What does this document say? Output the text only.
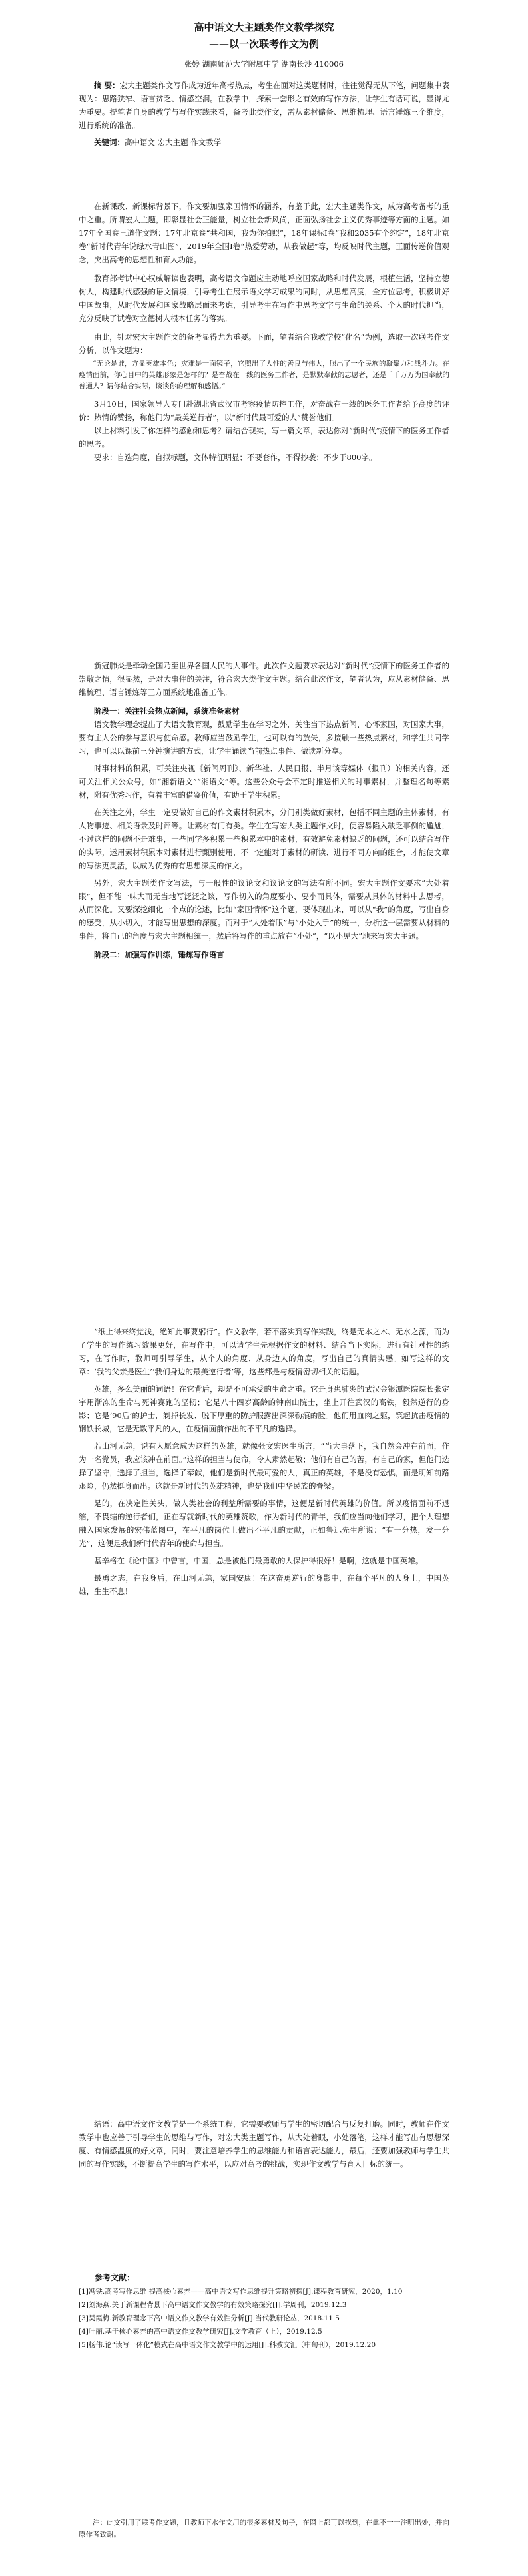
高中语文大主题类作文教学探究
——以一次联考作文为例
张婷 湖南师范大学附属中学 湖南长沙 410006

摘 要：宏大主题类作文写作成为近年高考热点，考生在面对这类题材时，往往觉得无从下笔，问题集中表现为：思路狭窄、语言贫乏、情感空洞。在教学中，探索一套形之有效的写作方法，让学生有话可说，显得尤为重要。提笔者自身的教学与写作实践来看，备考此类作文，需从素材储备、思维梳理、语言锤炼三个维度，进行系统的准备。

关键词：高中语文 宏大主题 作文教学

在新课改、新课标背景下，作文要加强家国情怀的涵养，有鉴于此，宏大主题类作文，成为高考备考的重中之重。所谓宏大主题，即彰显社会正能量，树立社会新风尚，正面弘扬社会主义优秀事迹等方面的主题。如17年全国卷三道作文题：17年北京卷“共和国，我为你拍照”，18年课标Ⅰ卷“我和2035有个约定”，18年北京卷“新时代青年说绿水青山图”，2019年全国Ⅰ卷“热爱劳动，从我做起”等，均反映时代主题，正面传递价值观念，突出高考的思想性和育人功能。

教育部考试中心权威解读也表明，高考语文命题应主动地呼应国家战略和时代发展，根植生活，坚持立德树人，构建时代感强的语文情境，引导考生在展示语文学习成果的同时，从思想高度，全方位思考，积极讲好中国故事，从时代发展和国家战略层面来考虑，引导考生在写作中思考文字与生命的关系、个人的时代担当，充分反映了试卷对立德树人根本任务的落实。

由此，针对宏大主题作文的备考显得尤为重要。下面，笔者结合我教学校“化名”为例，选取一次联考作文分析，以作文题为：

“无论是谁，方显英雄本色；灾难是一面镜子，它照出了人性的善良与伟大，照出了一个民族的凝聚力和战斗力。在疫情面前，你心目中的英雄形象是怎样的？是奋战在一线的医务工作者，是默默奉献的志愿者，还是千千万万为国奉献的普通人？请你结合实际，谈谈你的理解和感悟。”

3月10日，国家领导人专门赴湖北省武汉市考察疫情防控工作，对奋战在一线的医务工作者给予高度的评价：热情的赞扬，称他们为“最美逆行者”，以“新时代最可爱的人”赞誉他们。

以上材料引发了你怎样的感触和思考？请结合现实，写一篇文章，表达你对“新时代”疫情下的医务工作者的思考。

要求：自选角度，自拟标题，文体特征明显；不要套作，不得抄袭；不少于800字。

新冠肺炎是牵动全国乃至世界各国人民的大事件。此次作文题要求表达对“新时代”疫情下的医务工作者的崇敬之情，很显然，是对大事件的关注，符合宏大类作文主题。结合此次作文，笔者认为，应从素材储备、思维梳理、语言锤炼等三方面系统地准备工作。

阶段一：关注社会热点新闻，系统准备素材

语文教学理念提出了大语文教育观，鼓励学生在学习之外，关注当下热点新闻、心怀家国，对国家大事，要有主人公的参与意识与使命感。教师应当鼓励学生，也可以有的放矢，多接触一些热点素材，和学生共同学习，也可以以课前三分钟演讲的方式，让学生诵读当前热点事件、做读新分享。

时事材料的积累，可关注央视《新闻周刊》、新华社、人民日报、半月谈等媒体（报刊）的相关内容，还可关注相关公众号，如“湘新语文”“湘语文”等。这些公众号会不定时推送相关的时事素材，并整理名句等素材，附有优秀习作，有着丰富的借鉴价值，有助于学生积累。

在关注之外，学生一定要做好自己的作文素材积累本，分门别类做好素材，包括不同主题的主体素材，有人物事迹、相关语录及时评等。让素材有门有类。学生在写宏大类主题作文时，便容易陷入缺乏事例的尴尬，不过这样的问题不是难事，一些同学多积累一些积累本中的素材，有效避免素材缺乏的问题，还可以结合写作的实际，运用素材积累本对素材进行甄别使用，不一定能对于素材的研读、进行不同方向的组合，才能使文章的写法更灵活，以成为优秀的有思想深度的作文。

另外，宏大主题类作文写法，与一般性的议论文和议论文的写法有所不同。宏大主题作文要求“大处着眼”，但不能一味大而无当地写泛泛之谈，写作切入的角度要小、要小而具体，需要从具体的材料中去思考，从而深化。又要深挖细化一个点的论述，比如“家国情怀”这个题，要体现出来，可以从“我”的角度，写出自身的感受，从小切入，才能写出思想的深度。而对于“大处着眼”与“小处入手”的统一，分析这一层需要从材料的事件，将自己的角度与宏大主题相统一，然后将写作的重点放在“小处”，“以小见大”地来写宏大主题。

阶段二：加强写作训练，锤炼写作语言

“纸上得来终觉浅，绝知此事要躬行”。作文教学，若不落实到写作实践，终是无本之木、无水之源，而为了学生的写作练习效果更好，在写作中，可以请学生先根据作文的材料、结合当下实际，进行有针对性的练习，在写作时，教师可引导学生，从个人的角度、从身边人的角度，写出自己的真情实感。如写这样的文章：‘我的父亲是医生’‘我们身边的最美逆行者’等，这些都是与疫情密切相关的话题。

英雄，多么美丽的词语！在它背后，却是不可承受的生命之重。它是身患肺炎的武汉金银潭医院院长张定宇用渐冻的生命与死神赛跑的坚韧；它是八十四岁高龄的钟南山院士，坐上开往武汉的高铁，毅然逆行的身影；它是‘90后’的护士，剃掉长发、脱下厚重的防护服露出深深勒痕的脸。他们用血肉之躯，筑起抗击疫情的钢铁长城，它是无数平凡的人，在疫情面前作出的不平凡的选择。

若山河无恙，说有人愿意成为这样的英雄，就像张文宏医生所言，“当大事落下，我自然会冲在前面，作为一名党员，我应该冲在前面。”这样的担当与使命，令人肃然起敬；他们有自己的苦，有自己的家，但他们选择了坚守，选择了担当，选择了奉献，他们是新时代最可爱的人，真正的英雄，不是没有恐惧，而是明知前路艰险，仍然挺身而出。这就是新时代的英雄精神，也是我们中华民族的脊梁。

是的，在决定性关头，做人类社会的利益所需要的事情，这便是新时代英雄的价值。所以疫情面前不退缩，不畏缩的逆行者们，正在写就新时代的英雄赞歌，作为新时代的青年，我们应当向他们学习，把个人理想融入国家发展的宏伟蓝图中，在平凡的岗位上做出不平凡的贡献，正如鲁迅先生所说：“有一分热，发一分光”，这便是我们新时代青年的使命与担当。

基辛格在《论中国》中曾言，中国，总是被他们最勇敢的人保护得很好！是啊，这就是中国英雄。

最勇之志，在我身后，在山河无恙，家国安康！在这奋勇逆行的身影中，在每个平凡的人身上，中国英雄，生生不息！

结语：高中语文作文教学是一个系统工程，它需要教师与学生的密切配合与反复打磨。同时，教师在作文教学中也应善于引导学生的思维与写作，对宏大类主题写作，从大处着眼，小处落笔，这样才能写出有思想深度、有情感温度的好文章，同时，要注意培养学生的思维能力和语言表达能力，最后，还要加强教师与学生共同的写作实践，不断提高学生的写作水平，以应对高考的挑战，实现作文教学与育人目标的统一。

参考文献：

[1]冯铁.高考写作思维 提高核心素养——高中语文写作思维提升策略初探[J].课程教育研究，2020，1.10

[2]刘海燕.关于新课程背景下高中语文作文教学的有效策略探究[J].学周刊，2019.12.3

[3]吴霞梅.新教育理念下高中语文作文教学有效性分析[J].当代教研论丛，2018.11.5

[4]叶丽.基于核心素养的高中语文作文教学研究[J].文学教育（上），2019.12.5

[5]杨伟.论“读写一体化”模式在高中语文作文教学中的运用[J].科教文汇（中旬刊），2019.12.20

注：此文引用了联考作文题，且教师下水作文用的很多素材及句子，在网上都可以找到，在此不一一注明出处，并向原作者致谢。
